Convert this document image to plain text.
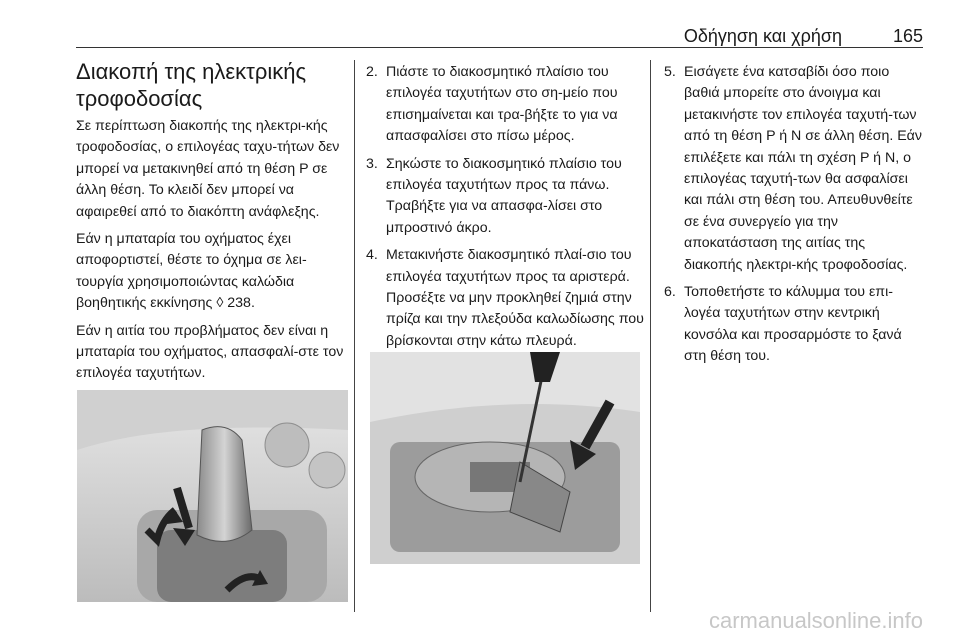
Οδήγηση και χρήση	165
Διακοπή της ηλεκτρικής τροφοδοσίας

Σε περίπτωση διακοπής της ηλεκτρι-κής τροφοδοσίας, ο επιλογέας ταχυ-τήτων δεν μπορεί να μετακινηθεί από τη θέση P σε άλλη θέση. Το κλειδί δεν μπορεί να αφαιρεθεί από το διακόπτη ανάφλεξης.

Εάν η μπαταρία του οχήματος έχει αποφορτιστεί, θέστε το όχημα σε λει-τουργία χρησιμοποιώντας καλώδια βοηθητικής εκκίνησης ◊ 238.

Εάν η αιτία του προβλήματος δεν είναι η μπαταρία του οχήματος, απασφαλί-στε τον επιλογέα ταχυτήτων.

2. Πιάστε το διακοσμητικό πλαίσιο του επιλογέα ταχυτήτων στο ση-μείο που επισημαίνεται και τρα-βήξτε το για να απασφαλίσει στο πίσω μέρος.
3. Σηκώστε το διακοσμητικό πλαίσιο του επιλογέα ταχυτήτων προς τα πάνω. Τραβήξτε για να απασφα-λίσει στο μπροστινό άκρο.
4. Μετακινήστε διακοσμητικό πλαί-σιο του επιλογέα ταχυτήτων προς τα αριστερά. Προσέξτε να μην προκληθεί ζημιά στην πρίζα και την πλεξούδα καλωδίωσης που βρίσκονται στην κάτω πλευρά.
5. Εισάγετε ένα κατσαβίδι όσο ποιο βαθιά μπορείτε στο άνοιγμα και μετακινήστε τον επιλογέα ταχυτή-των από τη θέση P ή N σε άλλη θέση. Εάν επιλέξετε και πάλι τη σχέση P ή N, ο επιλογέας ταχυτή-των θα ασφαλίσει και πάλι στη θέση του. Απευθυνθείτε σε ένα συνεργείο για την αποκατάσταση της αιτίας της διακοπής ηλεκτρι-κής τροφοδοσίας.
6. Τοποθετήστε το κάλυμμα του επι-λογέα ταχυτήτων στην κεντρική κονσόλα και προσαρμόστε το ξανά στη θέση του.
carmanualsonline.info
